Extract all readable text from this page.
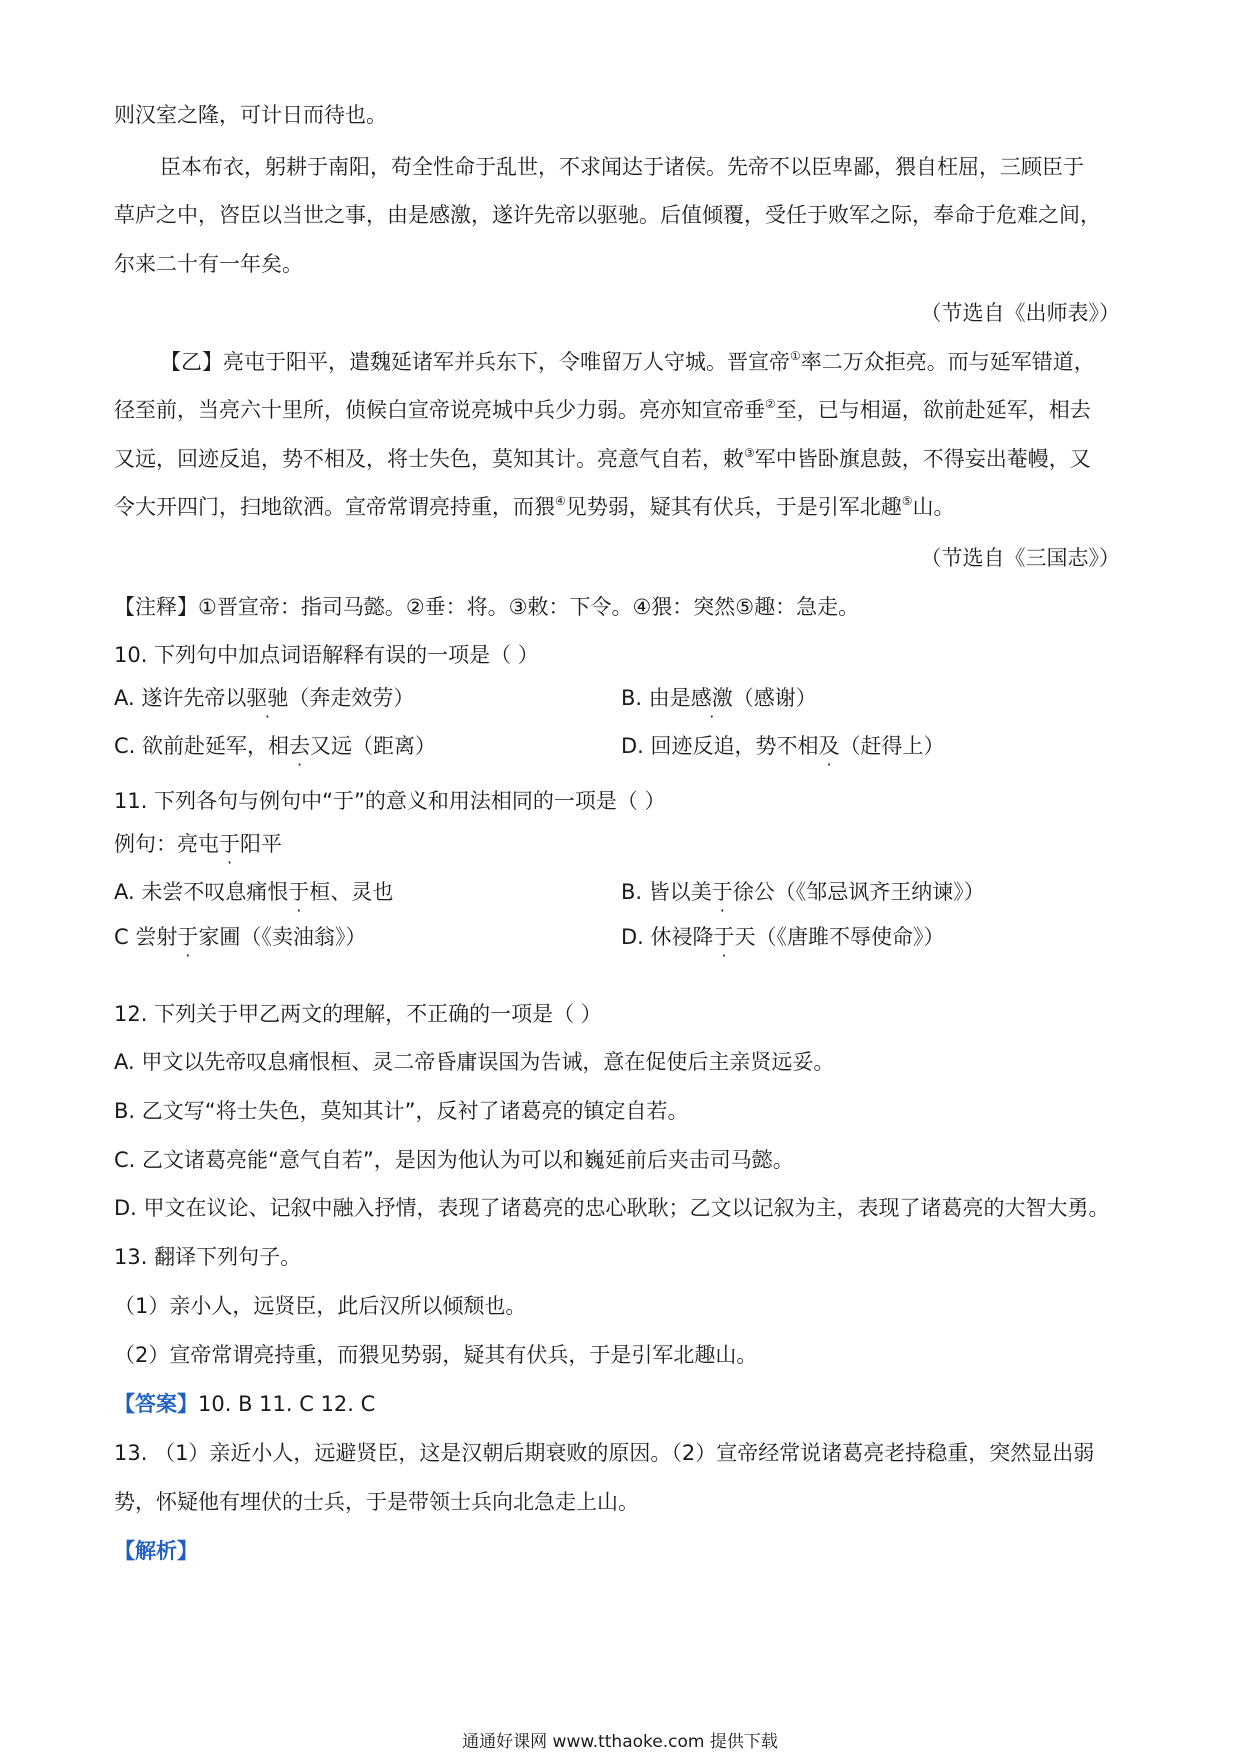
则汉室之隆，可计日而待也。
臣本布衣，躬耕于南阳，苟全性命于乱世，不求闻达于诸侯。先帝不以臣卑鄙，猥自枉屈，三顾臣于
草庐之中，咨臣以当世之事，由是感激，遂许先帝以驱驰。后值倾覆，受任于败军之际，奉命于危难之间，
尔来二十有一年矣。
（节选自《出师表》）
【乙】亮屯于阳平，遣魏延诸军并兵东下，令唯留万人守城。晋宣帝①率二万众拒亮。而与延军错道，
径至前，当亮六十里所，侦候白宣帝说亮城中兵少力弱。亮亦知宣帝垂②至，已与相逼，欲前赴延军，相去
又远，回迹反追，势不相及，将士失色，莫知其计。亮意气自若，敕③军中皆卧旗息鼓，不得妄出菴幔，又
令大开四门，扫地欲洒。宣帝常谓亮持重，而猥④见势弱，疑其有伏兵，于是引军北趣⑤山。
（节选自《三国志》）
【注释】①晋宣帝：指司马懿。②垂：将。③敕：下令。④猥：突然⑤趣：急走。
10. 下列句中加点词语解释有误的一项是（ ）
A. 遂许先帝以驱驰（奔走效劳）	B. 由是感激（感谢）
C. 欲前赴延军，相去又远（距离）	D. 回迹反追，势不相及（赶得上）
11. 下列各句与例句中“于”的意义和用法相同的一项是（ ）
例句：亮屯于阳平
A. 未尝不叹息痛恨于桓、灵也	B. 皆以美于徐公（《邹忌讽齐王纳谏》）
C 尝射于家圃（《卖油翁》）	D. 休祲降于天（《唐雎不辱使命》）
12. 下列关于甲乙两文的理解，不正确的一项是（ ）
A. 甲文以先帝叹息痛恨桓、灵二帝昏庸误国为告诫，意在促使后主亲贤远妥。
B. 乙文写“将士失色，莫知其计”，反衬了诸葛亮的镇定自若。
C. 乙文诸葛亮能“意气自若”，是因为他认为可以和巍延前后夹击司马懿。
D. 甲文在议论、记叙中融入抒情，表现了诸葛亮的忠心耿耿；乙文以记叙为主，表现了诸葛亮的大智大勇。
13. 翻译下列句子。
（1）亲小人，远贤臣，此后汉所以倾颓也。
（2）宣帝常谓亮持重，而猥见势弱，疑其有伏兵，于是引军北趣山。
【答案】10. B 11. C 12. C
13. （1）亲近小人，远避贤臣，这是汉朝后期衰败的原因。（2）宣帝经常说诸葛亮老持稳重，突然显出弱
势，怀疑他有埋伏的士兵，于是带领士兵向北急走上山。
【解析】
通通好课网 www.tthaoke.com 提供下载
